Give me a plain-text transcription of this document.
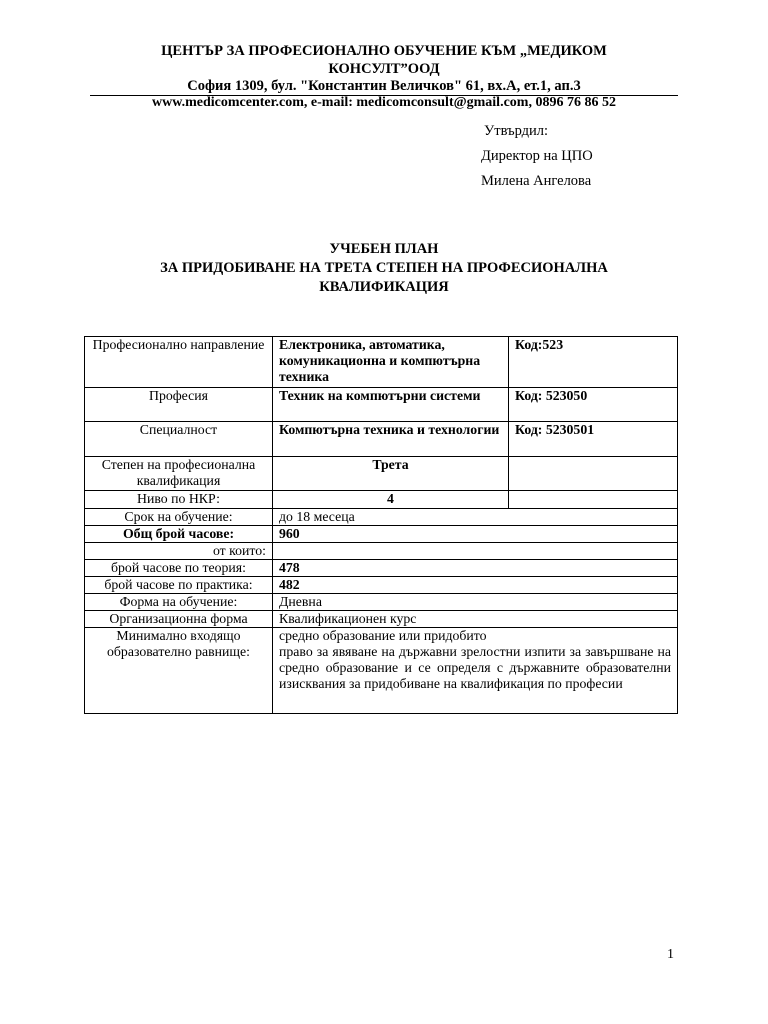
ЦЕНТЪР ЗА ПРОФЕСИОНАЛНО ОБУЧЕНИЕ КЪМ „МЕДИКОМ
КОНСУЛТ”ООД
София 1309, бул. "Константин Величков" 61, вх.А, ет.1, ап.3
www.medicomcenter.com, e-mail: medicomconsult@gmail.com, 0896 76 86 52
Утвърдил:
Директор на ЦПО
Милена Ангелова
УЧЕБЕН ПЛАН
ЗА ПРИДОБИВАНЕ НА ТРЕТА СТЕПЕН НА ПРОФЕСИОНАЛНА
КВАЛИФИКАЦИЯ
Професионално направление	Електроника, автоматика, комуникационна и компютърна техника	Код:523
Професия	Техник на компютърни системи	Код: 523050
Специалност	Компютърна техника и технологии	Код: 5230501
Степен на професионална квалификация	Трета	
Ниво по НКР:	4	
Срок на обучение:	до 18 месеца	
Общ брой часове:	960	
от които:		
брой часове по теория:	478	
брой часове по практика:	482	
Форма на обучение:	Дневна	
Организационна форма	Квалификационен курс	
Минимално входящо образователно равнище:	средно образование или придобито
право за явяване на държавни зрелостни изпити за завършване на средно образование и се определя с държавните образователни изисквания за придобиване на квалификация по професии	
1
